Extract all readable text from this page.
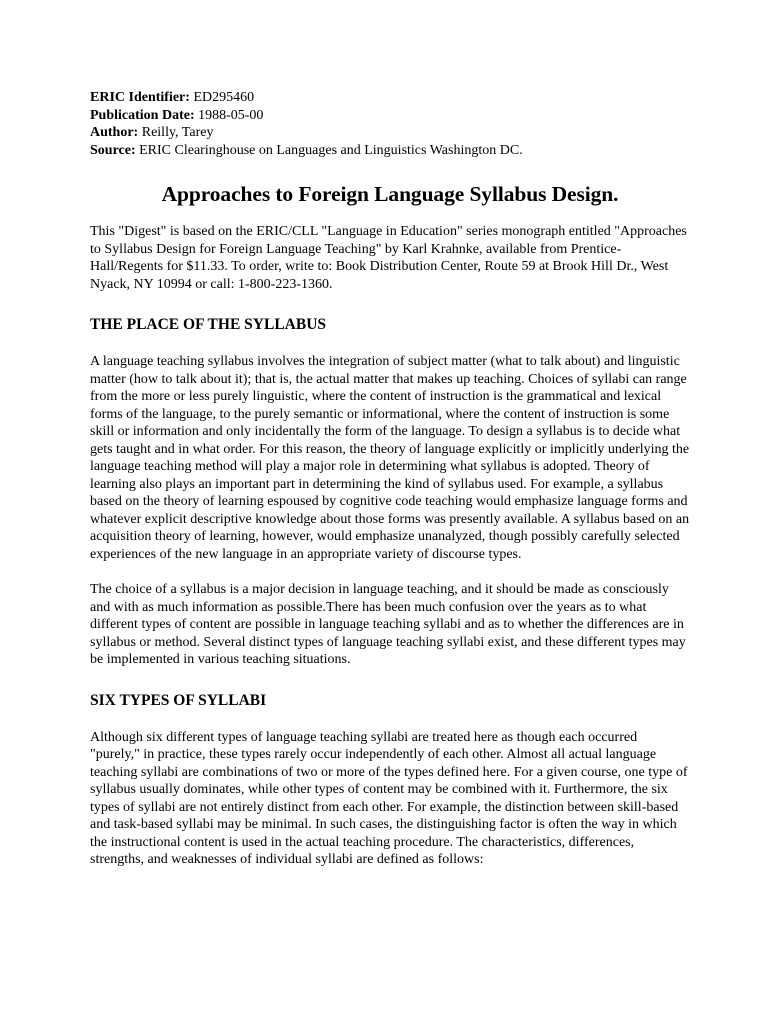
ERIC Identifier: ED295460
Publication Date: 1988-05-00
Author: Reilly, Tarey
Source: ERIC Clearinghouse on Languages and Linguistics Washington DC.
Approaches to Foreign Language Syllabus Design.

This "Digest" is based on the ERIC/CLL "Language in Education" series monograph entitled "Approaches to Syllabus Design for Foreign Language Teaching" by Karl Krahnke, available from Prentice-Hall/Regents for $11.33. To order, write to: Book Distribution Center, Route 59 at Brook Hill Dr., West Nyack, NY 10994 or call: 1-800-223-1360.

THE PLACE OF THE SYLLABUS

A language teaching syllabus involves the integration of subject matter (what to talk about) and linguistic matter (how to talk about it); that is, the actual matter that makes up teaching. Choices of syllabi can range from the more or less purely linguistic, where the content of instruction is the grammatical and lexical forms of the language, to the purely semantic or informational, where the content of instruction is some skill or information and only incidentally the form of the language. To design a syllabus is to decide what gets taught and in what order. For this reason, the theory of language explicitly or implicitly underlying the language teaching method will play a major role in determining what syllabus is adopted. Theory of learning also plays an important part in determining the kind of syllabus used. For example, a syllabus based on the theory of learning espoused by cognitive code teaching would emphasize language forms and whatever explicit descriptive knowledge about those forms was presently available. A syllabus based on an acquisition theory of learning, however, would emphasize unanalyzed, though possibly carefully selected experiences of the new language in an appropriate variety of discourse types.

The choice of a syllabus is a major decision in language teaching, and it should be made as consciously and with as much information as possible.There has been much confusion over the years as to what different types of content are possible in language teaching syllabi and as to whether the differences are in syllabus or method. Several distinct types of language teaching syllabi exist, and these different types may be implemented in various teaching situations.

SIX TYPES OF SYLLABI

Although six different types of language teaching syllabi are treated here as though each occurred "purely," in practice, these types rarely occur independently of each other. Almost all actual language teaching syllabi are combinations of two or more of the types defined here. For a given course, one type of syllabus usually dominates, while other types of content may be combined with it. Furthermore, the six types of syllabi are not entirely distinct from each other. For example, the distinction between skill-based and task-based syllabi may be minimal. In such cases, the distinguishing factor is often the way in which the instructional content is used in the actual teaching procedure. The characteristics, differences, strengths, and weaknesses of individual syllabi are defined as follows:
